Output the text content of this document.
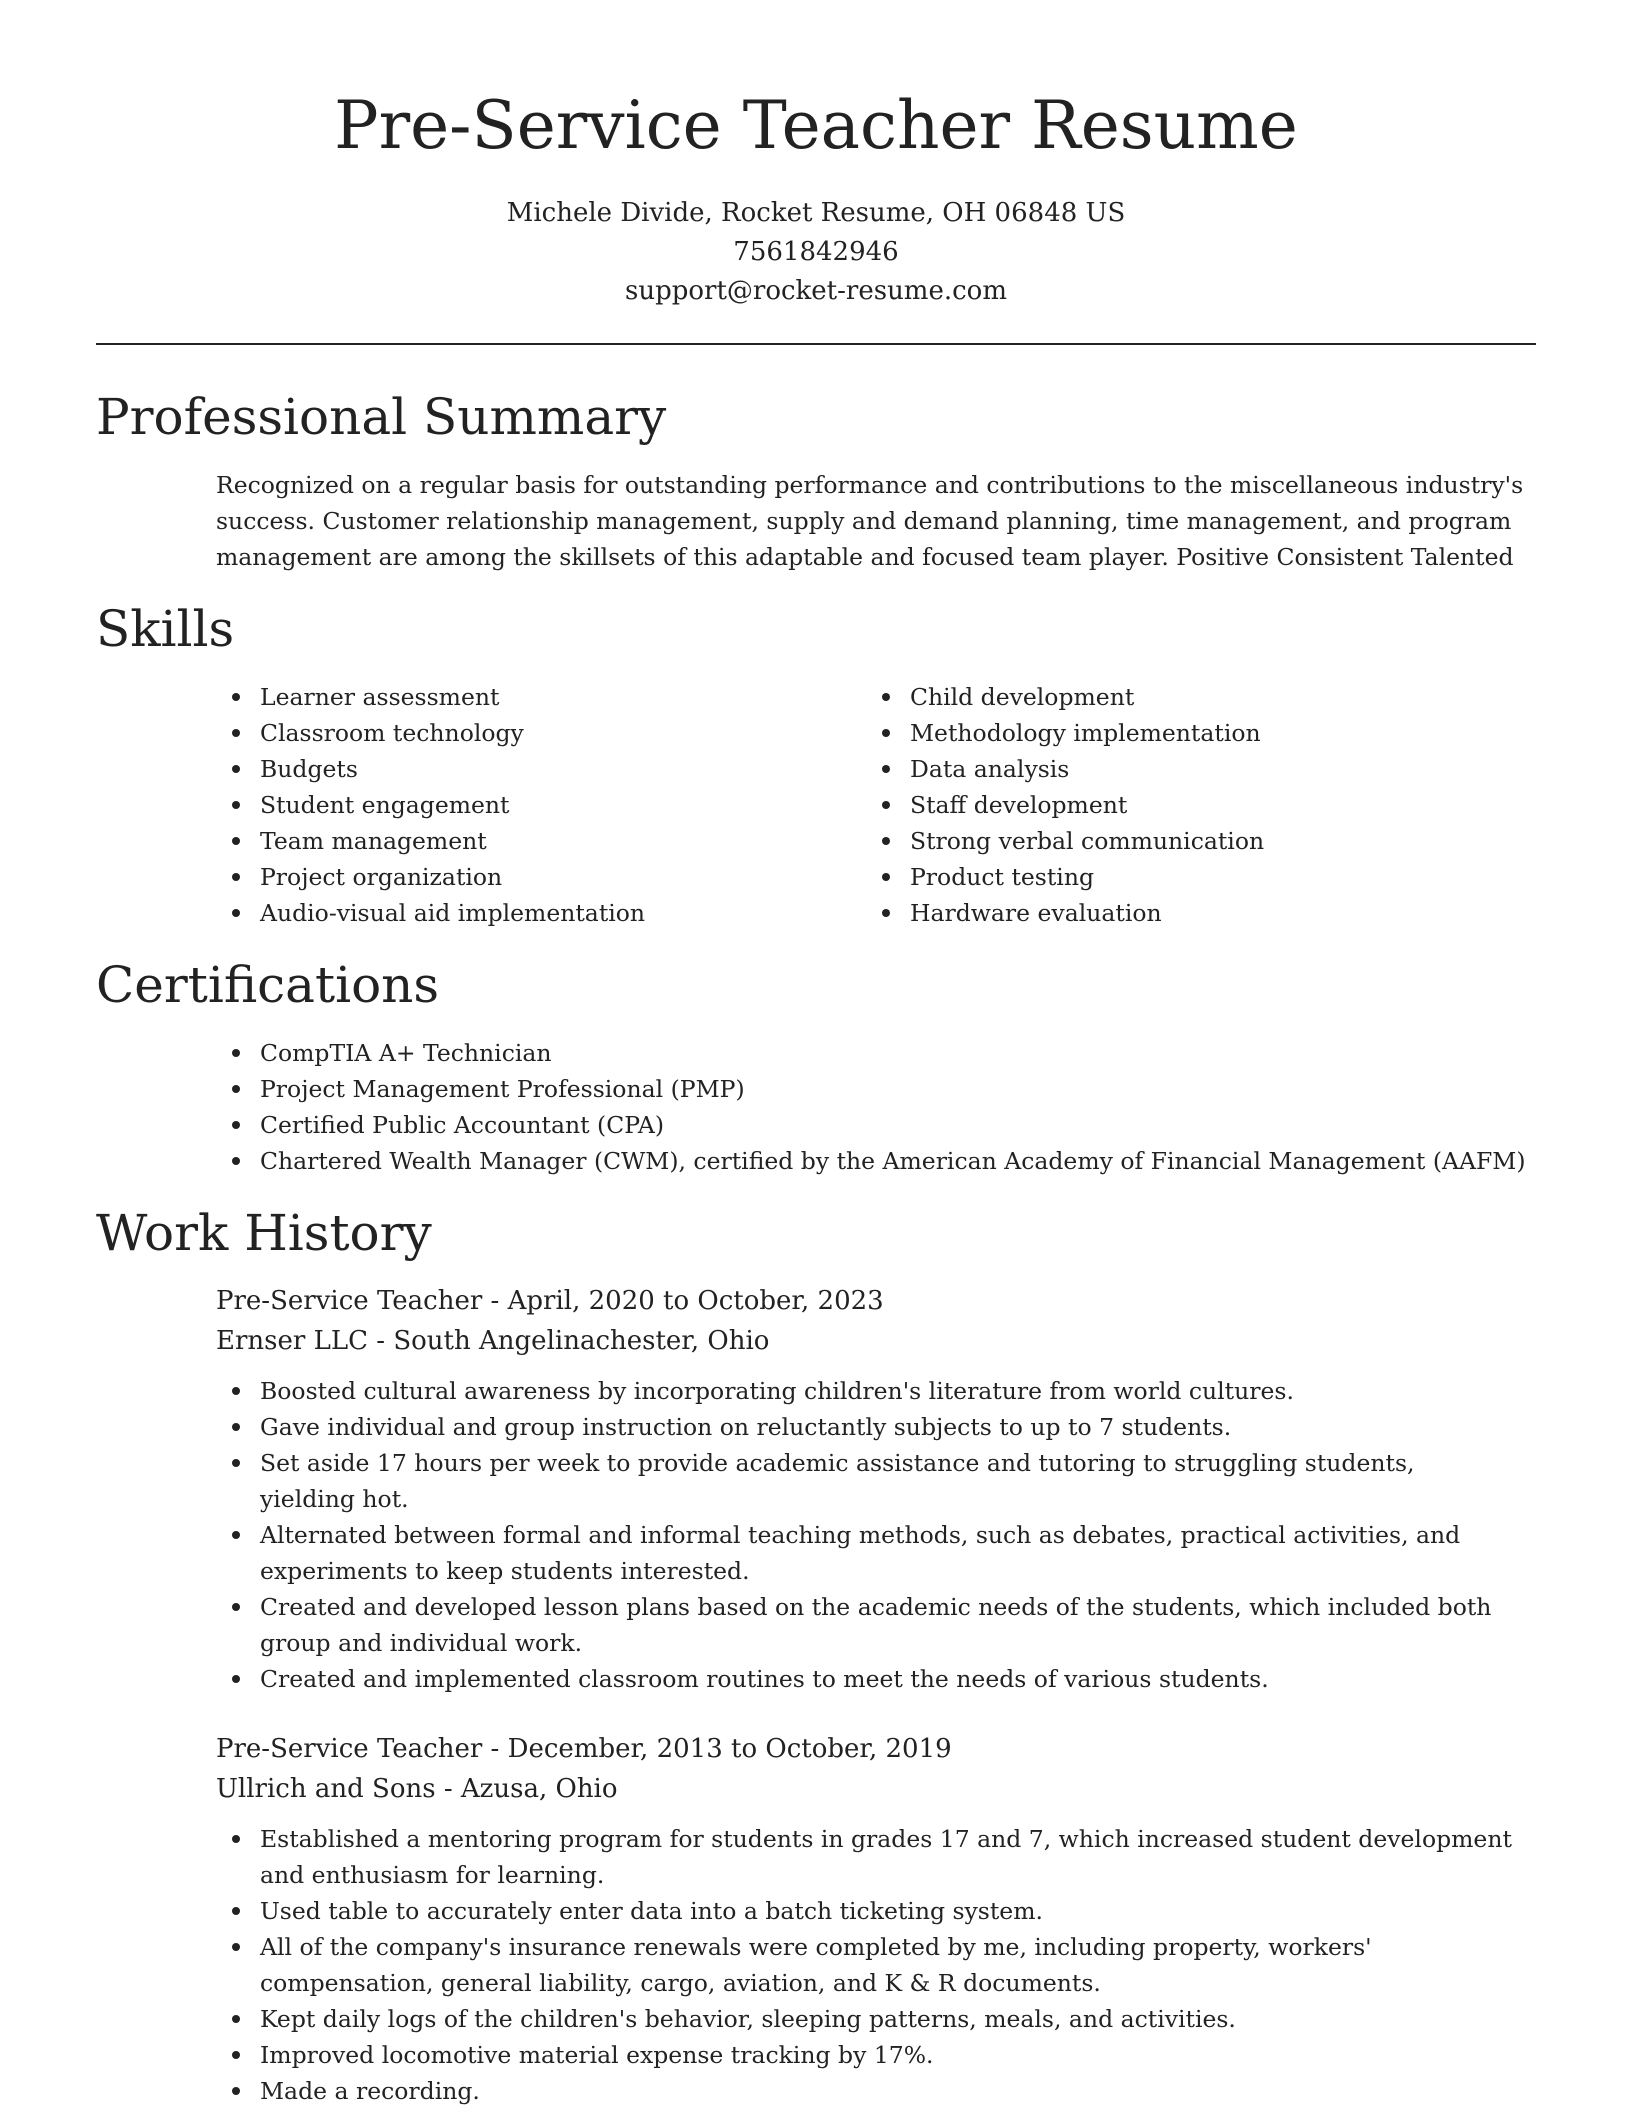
Pre-Service Teacher Resume
Michele Divide, Rocket Resume, OH 06848 US
7561842946
support@rocket-resume.com
Professional Summary

Recognized on a regular basis for outstanding performance and contributions to the miscellaneous industry's success. Customer relationship management, supply and demand planning, time management, and program management are among the skillsets of this adaptable and focused team player. Positive Consistent Talented

Skills
Learner assessment
Classroom technology
Budgets
Student engagement
Team management
Project organization
Audio-visual aid implementation
Child development
Methodology implementation
Data analysis
Staff development
Strong verbal communication
Product testing
Hardware evaluation
Certifications
CompTIA A+ Technician
Project Management Professional (PMP)
Certified Public Accountant (CPA)
Chartered Wealth Manager (CWM), certified by the American Academy of Financial Management (AAFM)
Work History
Pre-Service Teacher - April, 2020 to October, 2023
Ernser LLC - South Angelinachester, Ohio
Boosted cultural awareness by incorporating children's literature from world cultures.
Gave individual and group instruction on reluctantly subjects to up to 7 students.
Set aside 17 hours per week to provide academic assistance and tutoring to struggling students, yielding hot.
Alternated between formal and informal teaching methods, such as debates, practical activities, and experiments to keep students interested.
Created and developed lesson plans based on the academic needs of the students, which included both group and individual work.
Created and implemented classroom routines to meet the needs of various students.
Pre-Service Teacher - December, 2013 to October, 2019
Ullrich and Sons - Azusa, Ohio
Established a mentoring program for students in grades 17 and 7, which increased student development and enthusiasm for learning.
Used table to accurately enter data into a batch ticketing system.
All of the company's insurance renewals were completed by me, including property, workers' compensation, general liability, cargo, aviation, and K & R documents.
Kept daily logs of the children's behavior, sleeping patterns, meals, and activities.
Improved locomotive material expense tracking by 17%.
Made a recording.
